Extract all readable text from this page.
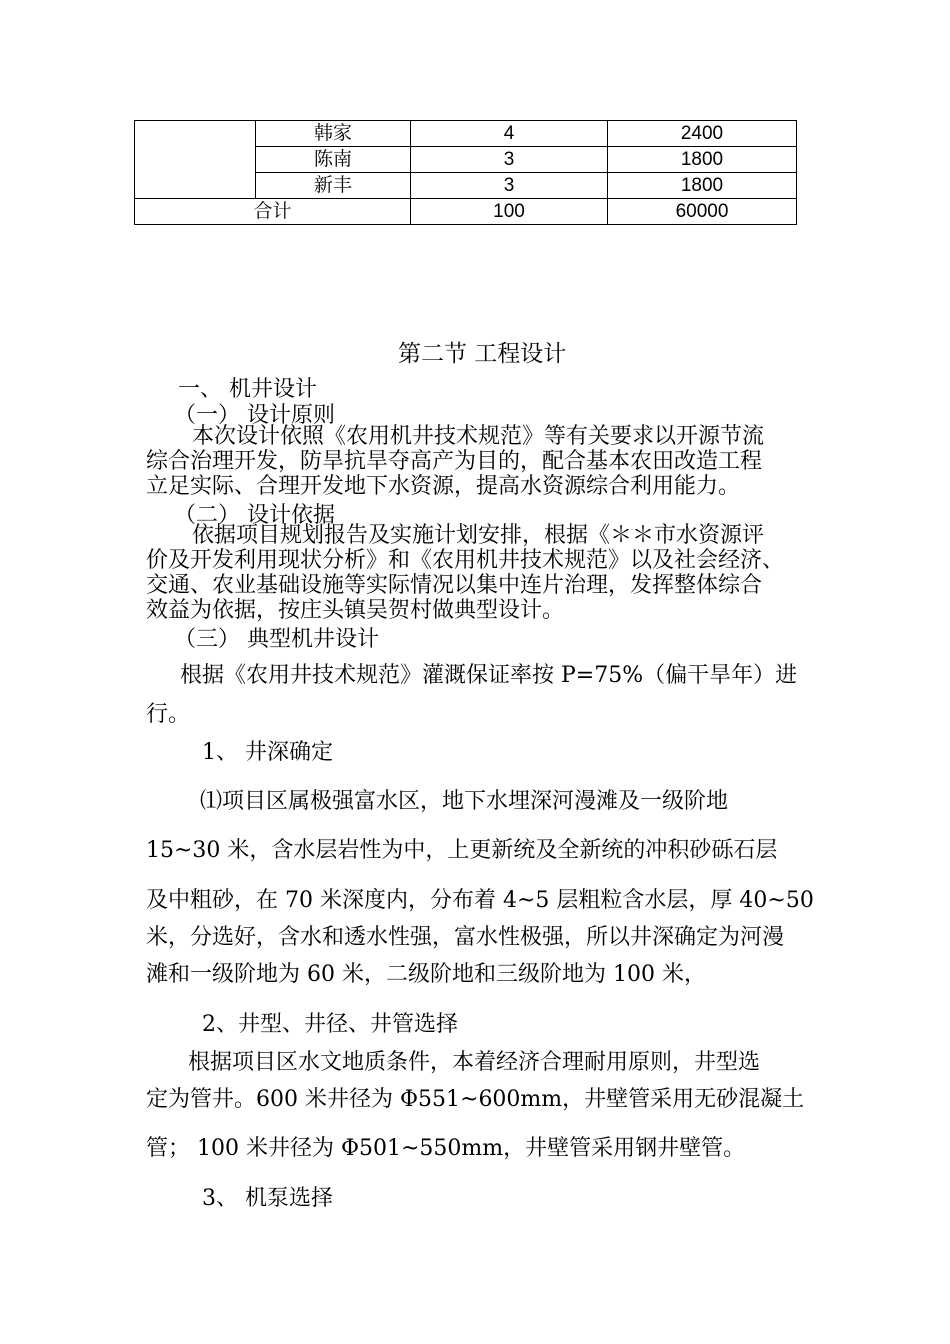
	韩家	4	2400
	陈南	3	1800
	新丰	3	1800
合计		100	60000
第二节 工程设计
一、 机井设计
（一） 设计原则
本次设计依照《农用机井技术规范》等有关要求以开源节流
综合治理开发，防旱抗旱夺高产为目的，配合基本农田改造工程
立足实际、合理开发地下水资源，提高水资源综合利用能力。
（二） 设计依据
依据项目规划报告及实施计划安排，根据《＊＊市水资源评
价及开发利用现状分析》和《农用机井技术规范》以及社会经济、
交通、农业基础设施等实际情况以集中连片治理，发挥整体综合
效益为依据，按庄头镇吴贺村做典型设计。
（三） 典型机井设计
根据《农用井技术规范》灌溉保证率按 P=75%（偏干旱年）进
行。
1、 井深确定
⑴项目区属极强富水区，地下水埋深河漫滩及一级阶地
15~30 米，含水层岩性为中，上更新统及全新统的冲积砂砾石层
及中粗砂，在 70 米深度内，分布着 4~5 层粗粒含水层，厚 40~50
米，分选好，含水和透水性强，富水性极强，所以井深确定为河漫
滩和一级阶地为 60 米，二级阶地和三级阶地为 100 米，
2、井型、井径、井管选择
根据项目区水文地质条件，本着经济合理耐用原则，井型选
定为管井。600 米井径为 Φ551~600mm，井壁管采用无砂混凝土
管； 100 米井径为 Φ501~550mm，井壁管采用钢井壁管。
3、 机泵选择
